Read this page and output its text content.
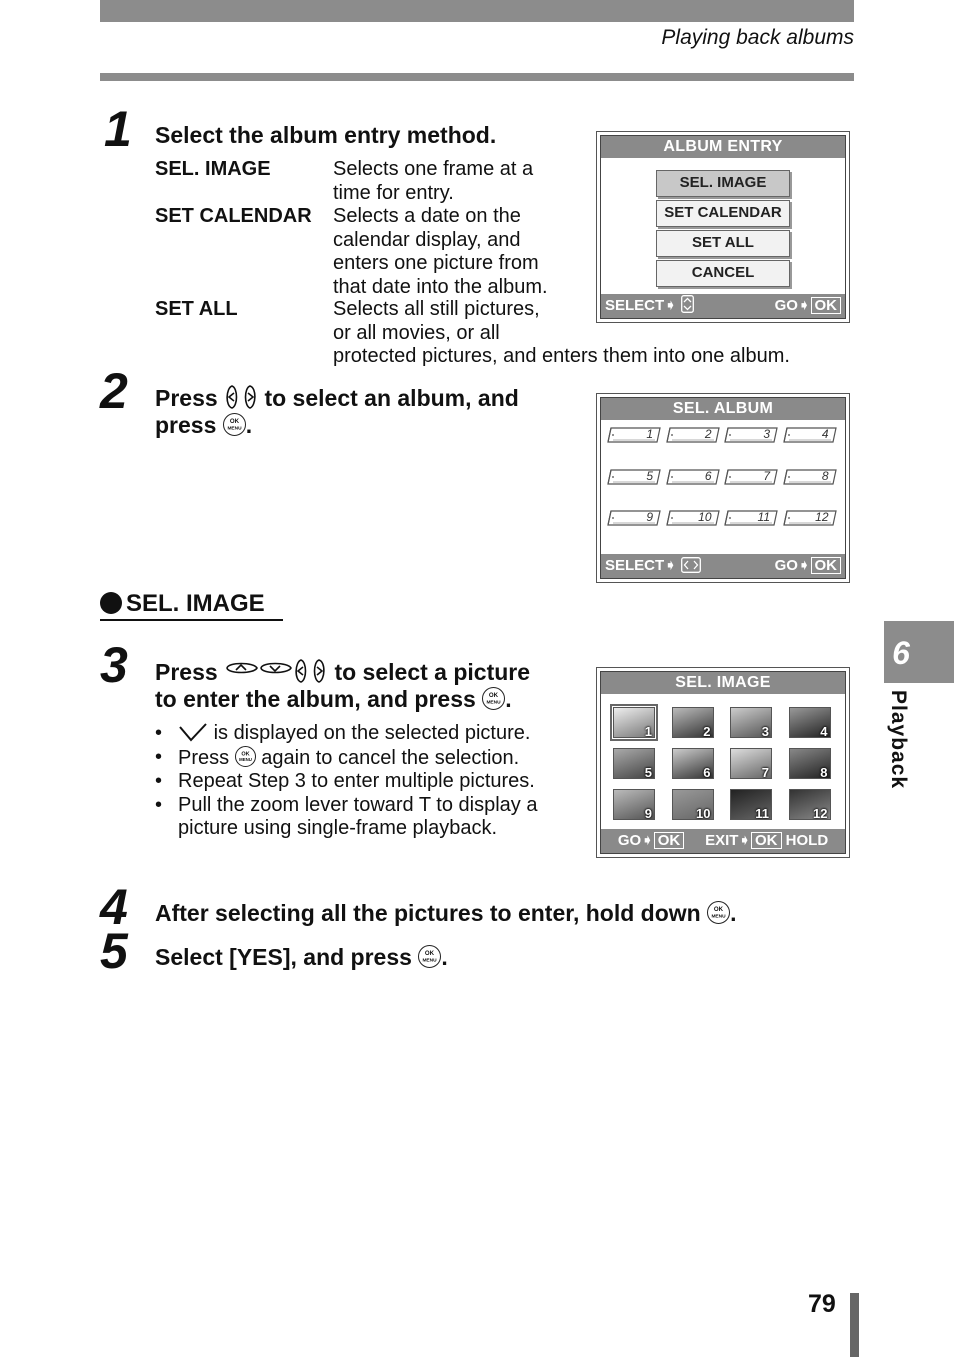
Playing back albums
1 Select the album entry method.
SEL. IMAGE	Selects one frame at a
time for entry.
SET CALENDAR Selects a date on the
calendar display, and
enters one picture from
that date into the album.
SET ALL	Selects all still pictures,
or all movies, or all
protected pictures, and enters them into one album.
ALBUM ENTRY
SEL. IMAGE
SET CALENDAR
SET ALL
CANCEL
SELECT➧	GO➧ OK
2 Press to select an album, and
press OK
MENU .
SEL. ALBUM
1	2	3	4
5	6	7	8
9	10	11	12
SELECT➧	GO➧ OK
SEL. IMAGE
3 Press	to select a picture
to enter the album, and press OK
MENU .
• is displayed on the selected picture.
• Press OK
MENU again to cancel the selection.
• Repeat Step 3 to enter multiple pictures.
• Pull the zoom lever toward T to display a picture using single-frame playback.
SEL. IMAGE
1	2	3	4
5	6	7	8
9	10	11	12
GO➧ OK EXIT➧ OK HOLD
4 After selecting all the pictures to enter, hold down OK
MENU .
5 Select [YES], and press OK
MENU .
6
Playback
79
